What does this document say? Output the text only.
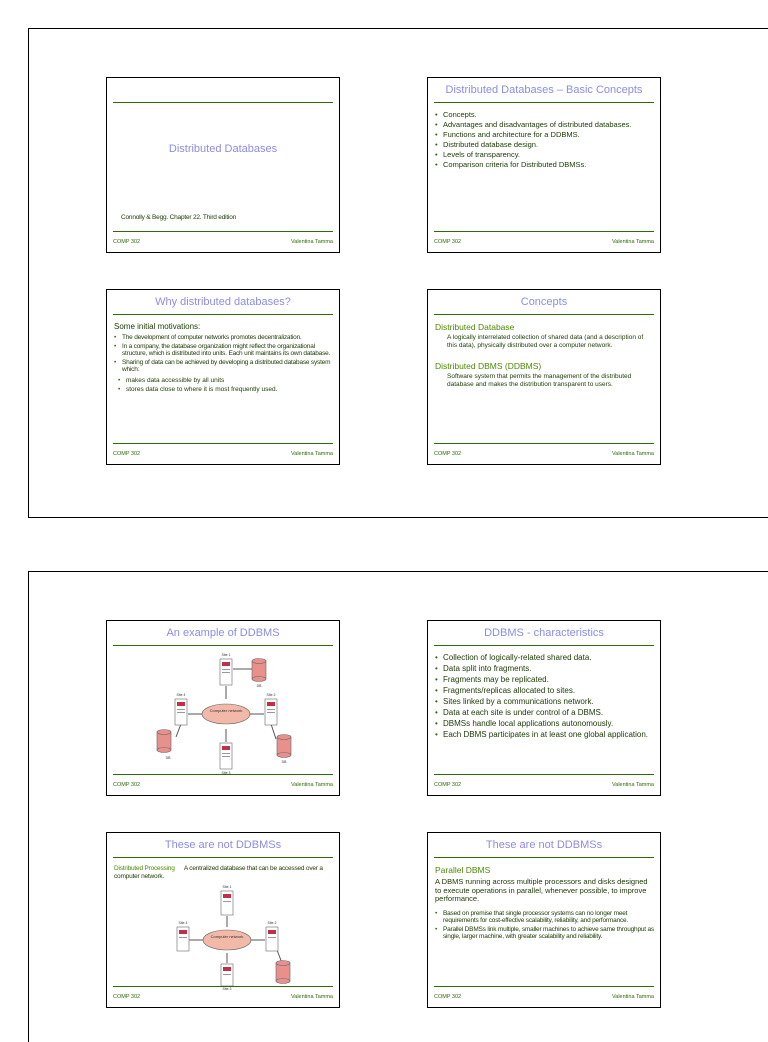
Distributed Databases
Connolly & Begg. Chapter 22. Third edition
COMP 302	Valentina Tamma
Distributed Databases – Basic Concepts
• Concepts.
• Advantages and disadvantages of distributed databases.
• Functions and architecture for a DDBMS.
• Distributed database design.
• Levels of transparency.
• Comparison criteria for Distributed DBMSs.
COMP 302	Valentina Tamma
Why distributed databases?
Some initial motivations:
• The development of computer networks promotes decentralization.
• In a company, the database organization might reflect the organizational structure, which is distributed into units. Each unit maintains its own database.
• Sharing of data can be achieved by developing a distributed database system which:
• makes data accessible by all units
• stores data close to where it is most frequently used.
COMP 302	Valentina Tamma
Concepts
Distributed Database
A logically interrelated collection of shared data (and a description of this data), physically distributed over a computer network.
Distributed DBMS (DDBMS)
Software system that permits the management of the distributed database and makes the distribution transparent to users.
COMP 302	Valentina Tamma
An example of DDBMS
Computer network
Site 1
Site 2
Site 3
Site 4
DB
DB
DB
COMP 302	Valentina Tamma
DDBMS - characteristics
• Collection of logically-related shared data.
• Data split into fragments.
• Fragments may be replicated.
• Fragments/replicas allocated to sites.
• Sites linked by a communications network.
• Data at each site is under control of a DBMS.
• DBMSs handle local applications autonomously.
• Each DBMS participates in at least one global application.
COMP 302	Valentina Tamma
These are not DDBMSs
Distributed Processing A centralized database that can be accessed over a computer network.
Computer network
Site 1
Site 2
Site 3
Site 4
COMP 302	Valentina Tamma
These are not DDBMSs
Parallel DBMS
A DBMS running across multiple processors and disks designed to execute operations in parallel, whenever possible, to improve performance.
• Based on premise that single processor systems can no longer meet requirements for cost-effective scalability, reliability, and performance.
• Parallel DBMSs link multiple, smaller machines to achieve same throughput as single, larger machine, with greater scalability and reliability.
COMP 302	Valentina Tamma
